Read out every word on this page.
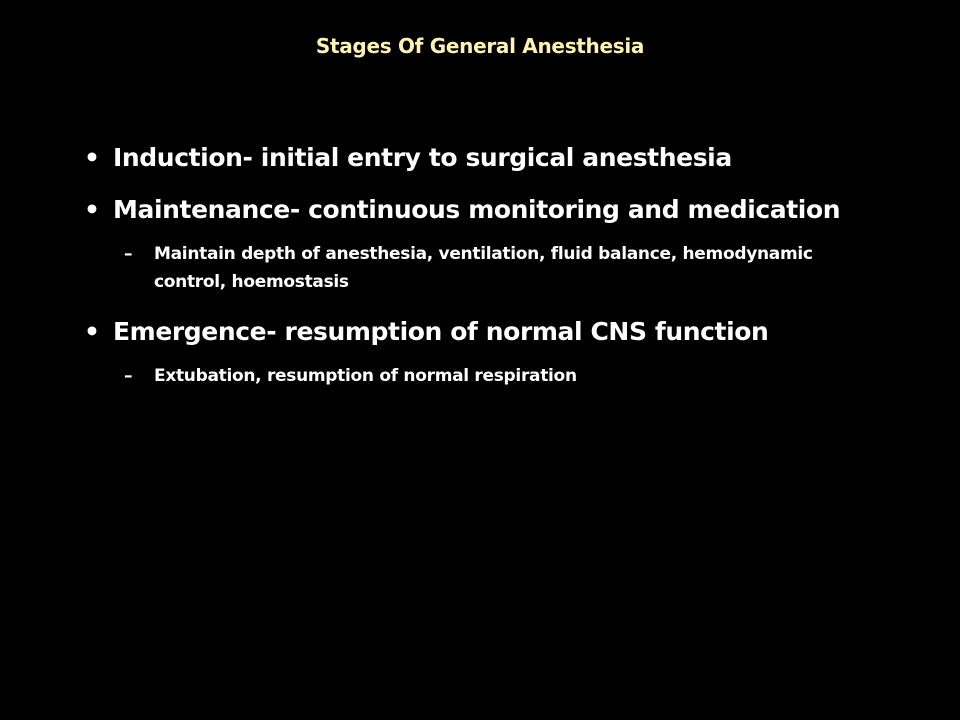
Stages Of General Anesthesia
• Induction- initial entry to surgical anesthesia
• Maintenance- continuous monitoring and medication
– Maintain depth of anesthesia, ventilation, fluid balance, hemodynamic control, hoemostasis
• Emergence- resumption of normal CNS function
– Extubation, resumption of normal respiration
